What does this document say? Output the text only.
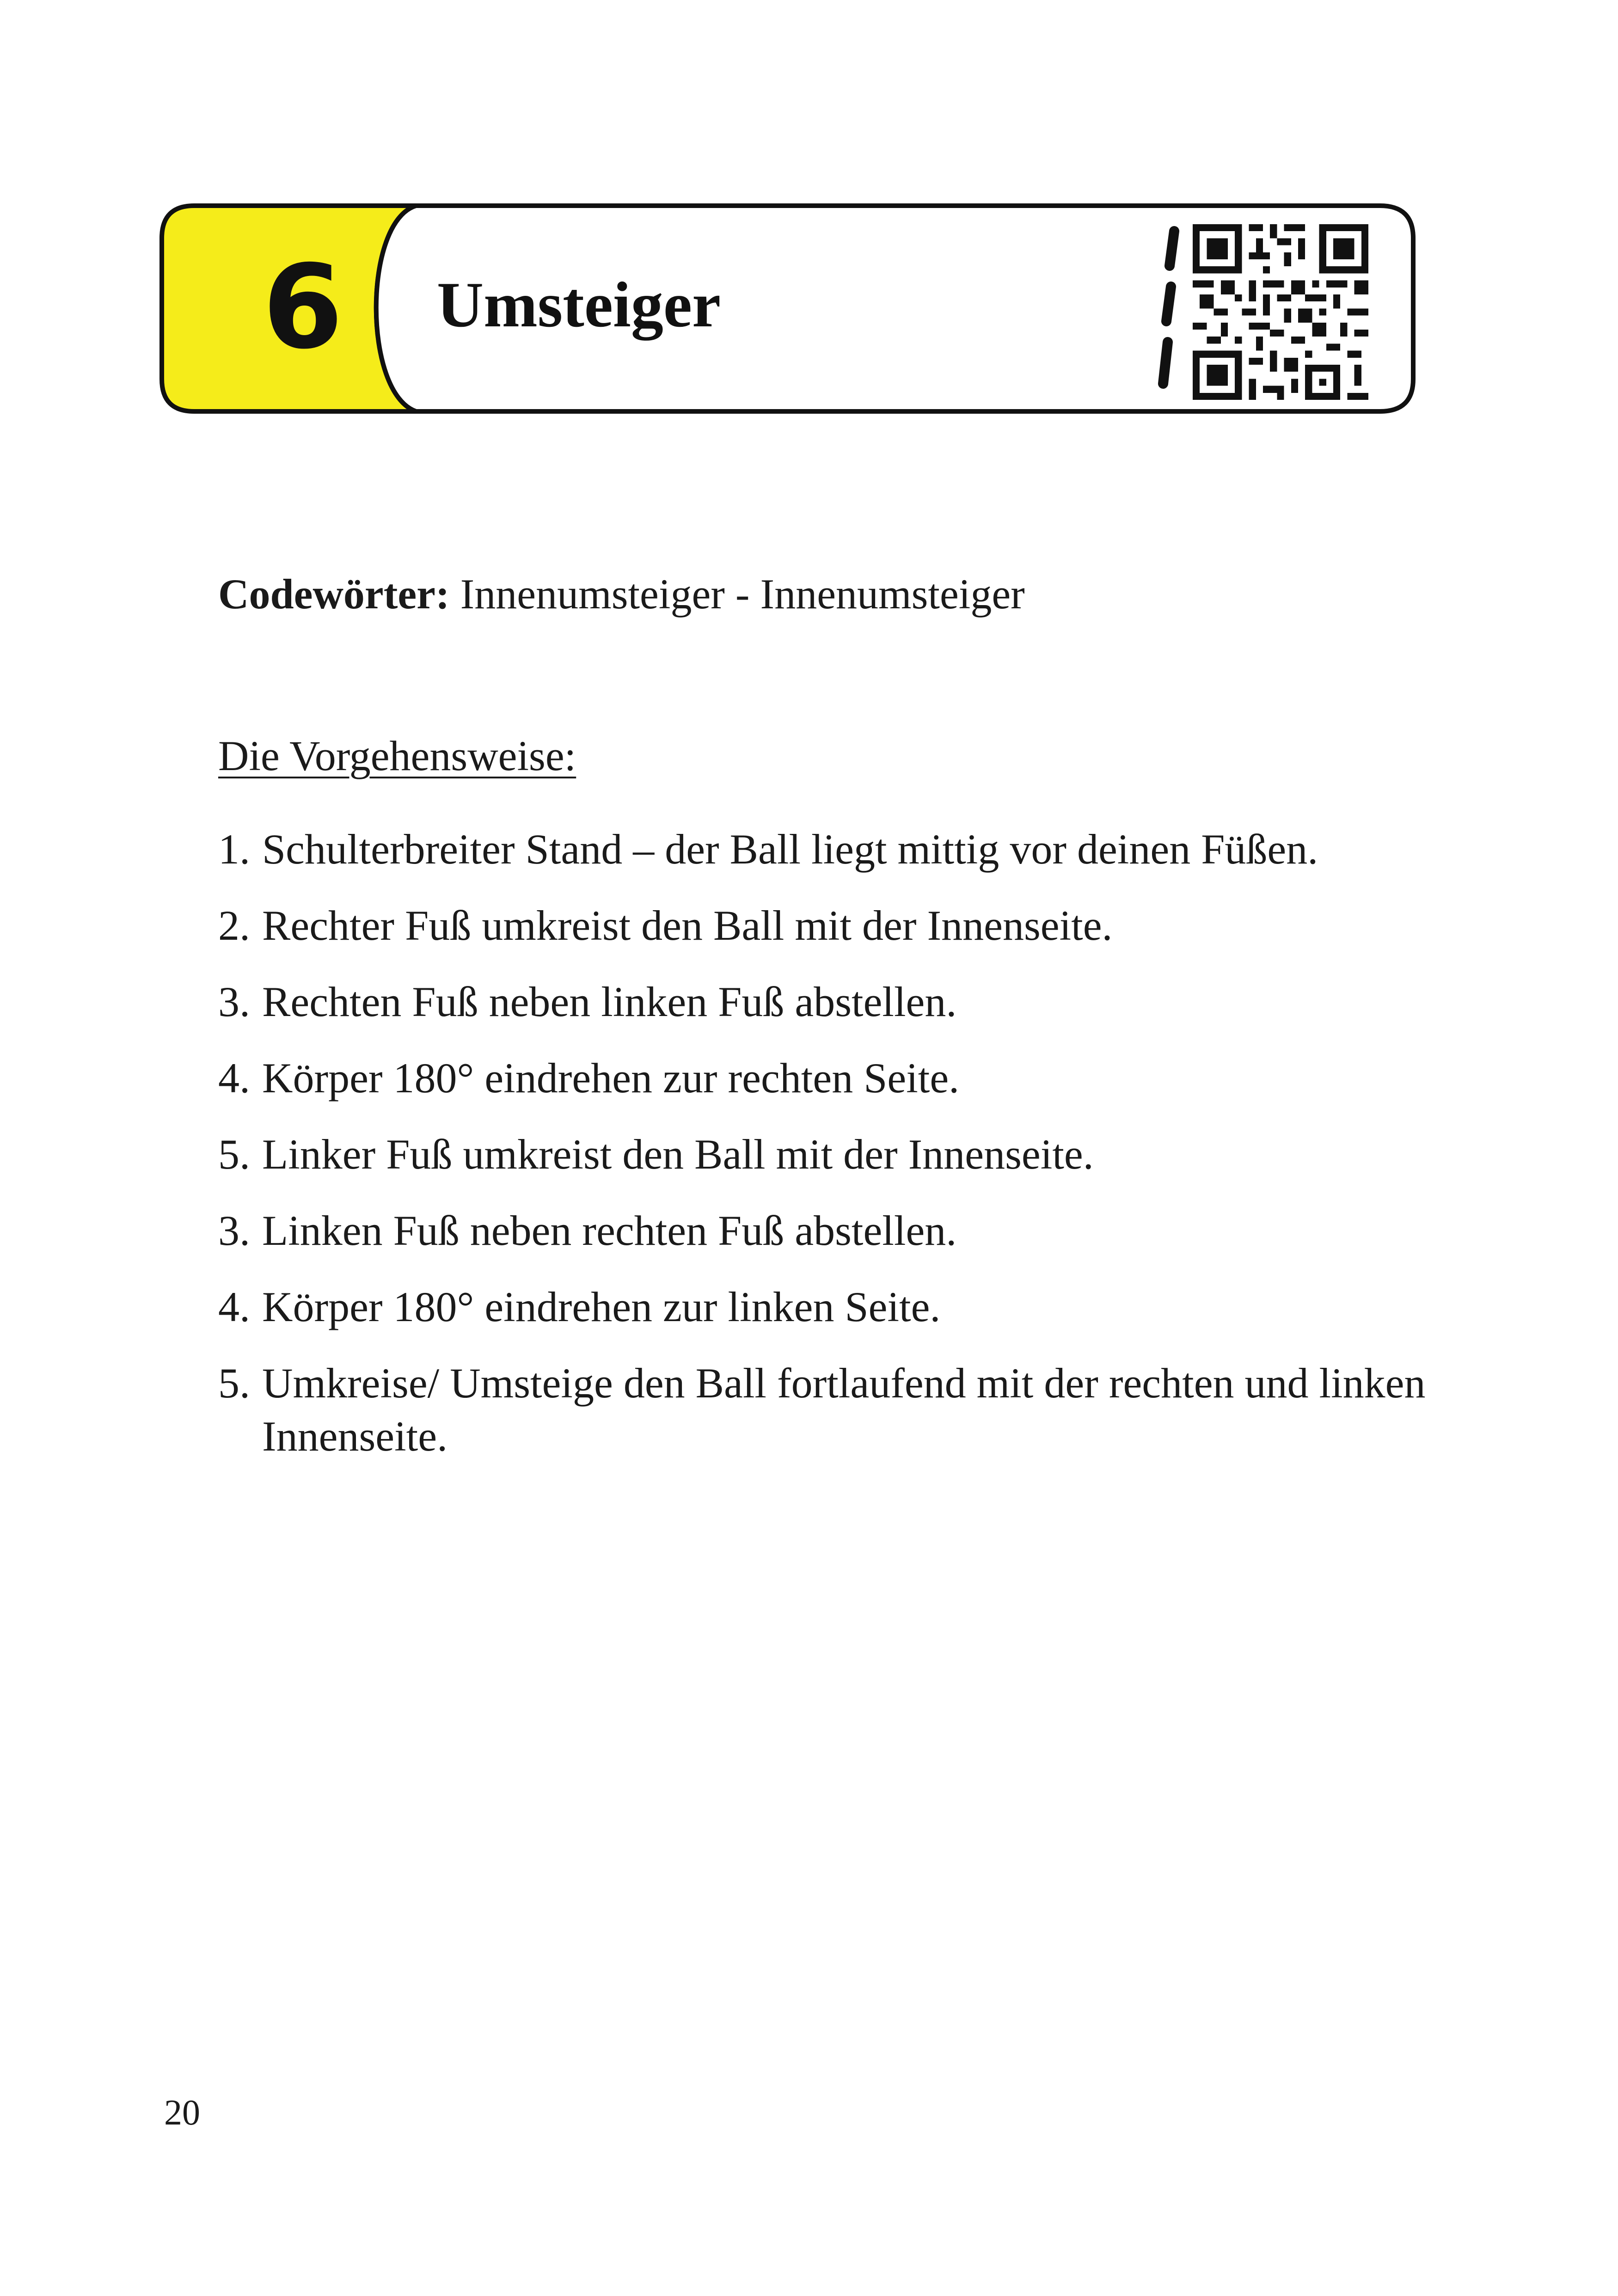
6	Umsteiger
Codewörter: Innenumsteiger - Innenumsteiger
Die Vorgehensweise:
1. Schulterbreiter Stand – der Ball liegt mittig vor deinen Füßen.
2. Rechter Fuß umkreist den Ball mit der Innenseite.
3. Rechten Fuß neben linken Fuß abstellen.
4. Körper 180° eindrehen zur rechten Seite.
5. Linker Fuß umkreist den Ball mit der Innenseite.
3. Linken Fuß neben rechten Fuß abstellen.
4. Körper 180° eindrehen zur linken Seite.
5. Umkreise/ Umsteige den Ball fortlaufend mit der rechten und linken Innenseite.
20
